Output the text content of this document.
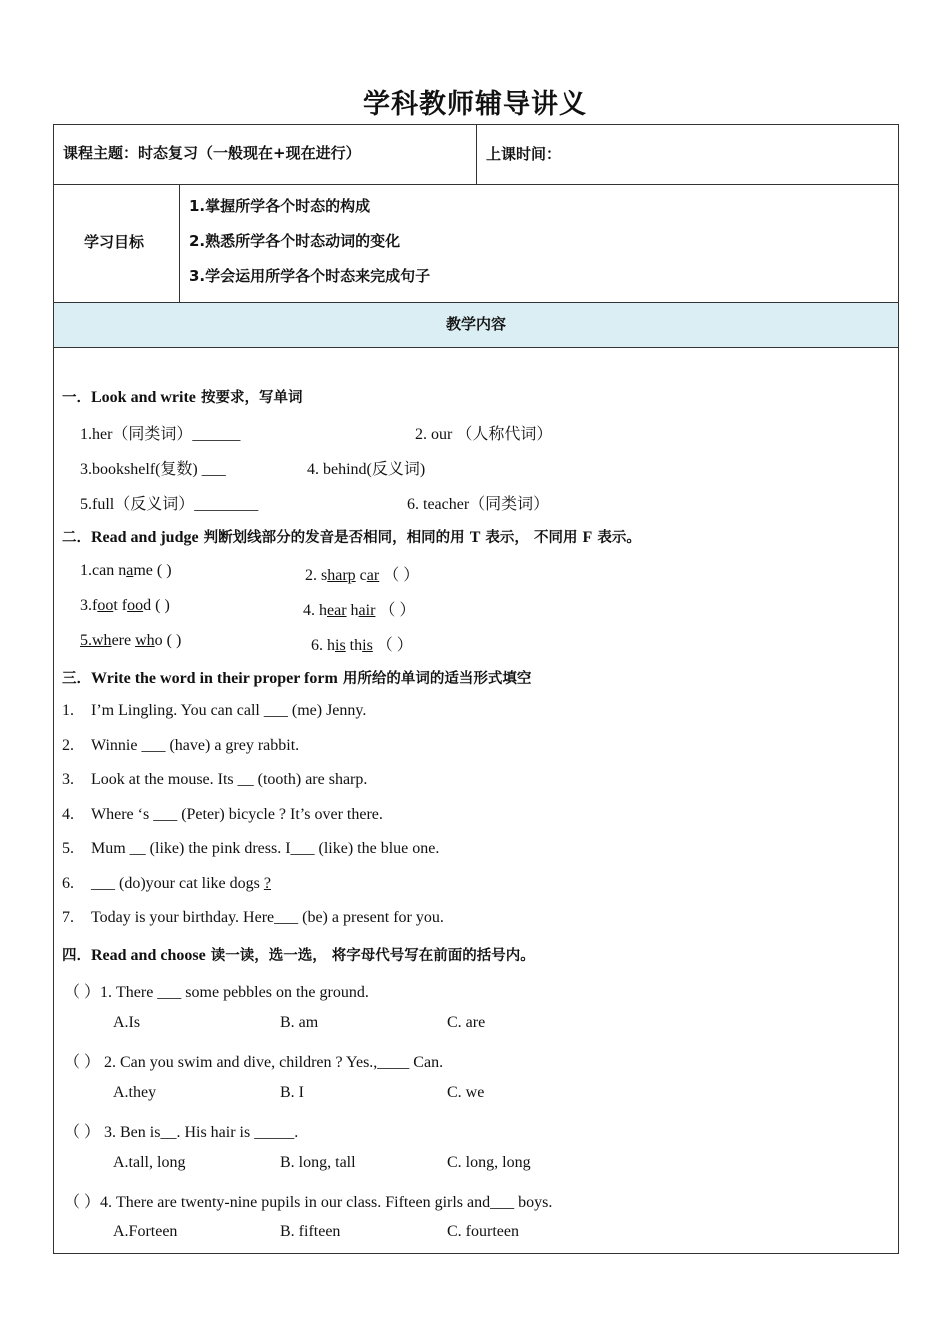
学科教师辅导讲义
课程主题：时态复习（一般现在+现在进行）	上课时间：
学习目标
1.掌握所学各个时态的构成
2.熟悉所学各个时态动词的变化
3.学会运用所学各个时态来完成句子
教学内容
一．Look and write 按要求，写单词
1.her（同类词）______	2. our （人称代词）
3.bookshelf(复数) ___	4. behind(反义词)
5.full（反义词）________	6. teacher（同类词）
二．Read and judge 判断划线部分的发音是否相同，相同的用 T 表示， 不同用 F 表示。
1.can name ( )	2. sharp car （ ）
3.foot food ( )	4. hear hair （ ）
5.where who ( )	6. his this （ ）
三．Write the word in their proper form 用所给的单词的适当形式填空
1. I’m Lingling. You can call ___ (me) Jenny.
2. Winnie ___ (have) a grey rabbit.
3. Look at the mouse. Its __ (tooth) are sharp.
4. Where ‘s ___ (Peter) bicycle ? It’s over there.
5. Mum __ (like) the pink dress. I___ (like) the blue one.
6. ___ (do)your cat like dogs ?
7. Today is your birthday. Here___ (be) a present for you.
四．Read and choose 读一读，选一选， 将字母代号写在前面的括号内。
（ ）1. There ___ some pebbles on the ground.
A.Is	B. am	C. are
（ ） 2. Can you swim and dive, children ? Yes.,____ Can.
A.they	B. I	C. we
（ ） 3. Ben is__. His hair is _____.
A.tall, long	B. long, tall	C. long, long
（ ）4. There are twenty-nine pupils in our class. Fifteen girls and___ boys.
A.Forteen	B. fifteen	C. fourteen
